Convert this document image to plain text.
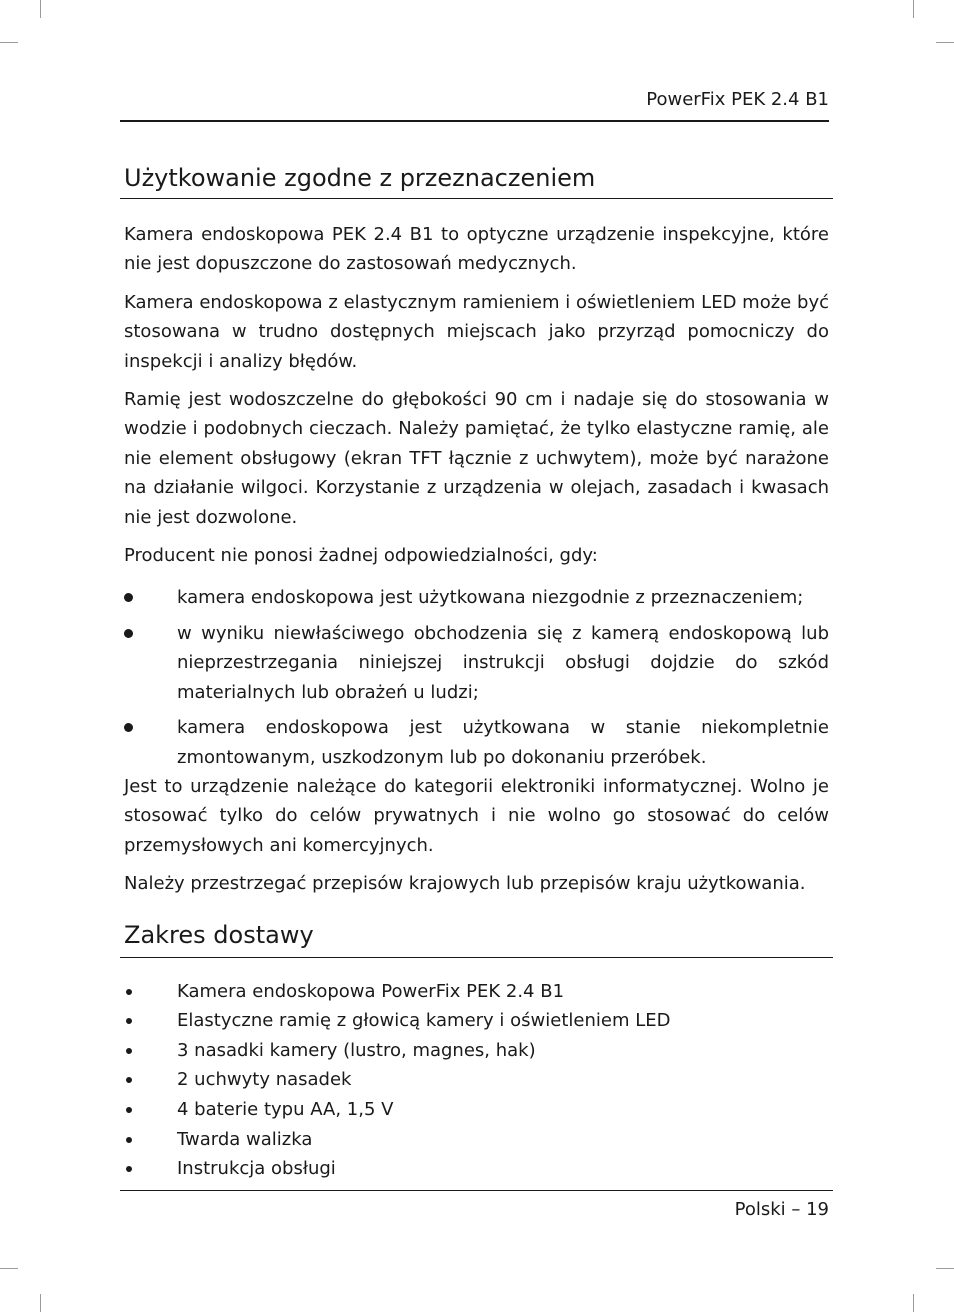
PowerFix PEK 2.4 B1
Użytkowanie zgodne z przeznaczeniem

Kamera endoskopowa PEK 2.4 B1 to optyczne urządzenie inspekcyjne, które nie jest dopuszczone do zastosowań medycznych.

Kamera endoskopowa z elastycznym ramieniem i oświetleniem LED może być stosowana w trudno dostępnych miejscach jako przyrząd pomocniczy do inspekcji i analizy błędów.

Ramię jest wodoszczelne do głębokości 90 cm i nadaje się do stosowania w wodzie i podobnych cieczach. Należy pamiętać, że tylko elastyczne ramię, ale nie element obsługowy (ekran TFT łącznie z uchwytem), może być narażone na działanie wilgoci. Korzystanie z urządzenia w olejach, zasadach i kwasach nie jest dozwolone.

Producent nie ponosi żadnej odpowiedzialności, gdy:

kamera endoskopowa jest użytkowana niezgodnie z przeznaczeniem;
w wyniku niewłaściwego obchodzenia się z kamerą endoskopową lub nieprzestrzegania niniejszej instrukcji obsługi dojdzie do szkód materialnych lub obrażeń u ludzi;
kamera endoskopowa jest użytkowana w stanie niekompletnie zmontowanym, uszkodzonym lub po dokonaniu przeróbek.

Jest to urządzenie należące do kategorii elektroniki informatycznej. Wolno je stosować tylko do celów prywatnych i nie wolno go stosować do celów przemysłowych ani komercyjnych.

Należy przestrzegać przepisów krajowych lub przepisów kraju użytkowania.

Zakres dostawy
Kamera endoskopowa PowerFix PEK 2.4 B1
Elastyczne ramię z głowicą kamery i oświetleniem LED
3 nasadki kamery (lustro, magnes, hak)
2 uchwyty nasadek
4 baterie typu AA, 1,5 V
Twarda walizka
Instrukcja obsługi
Polski – 19
